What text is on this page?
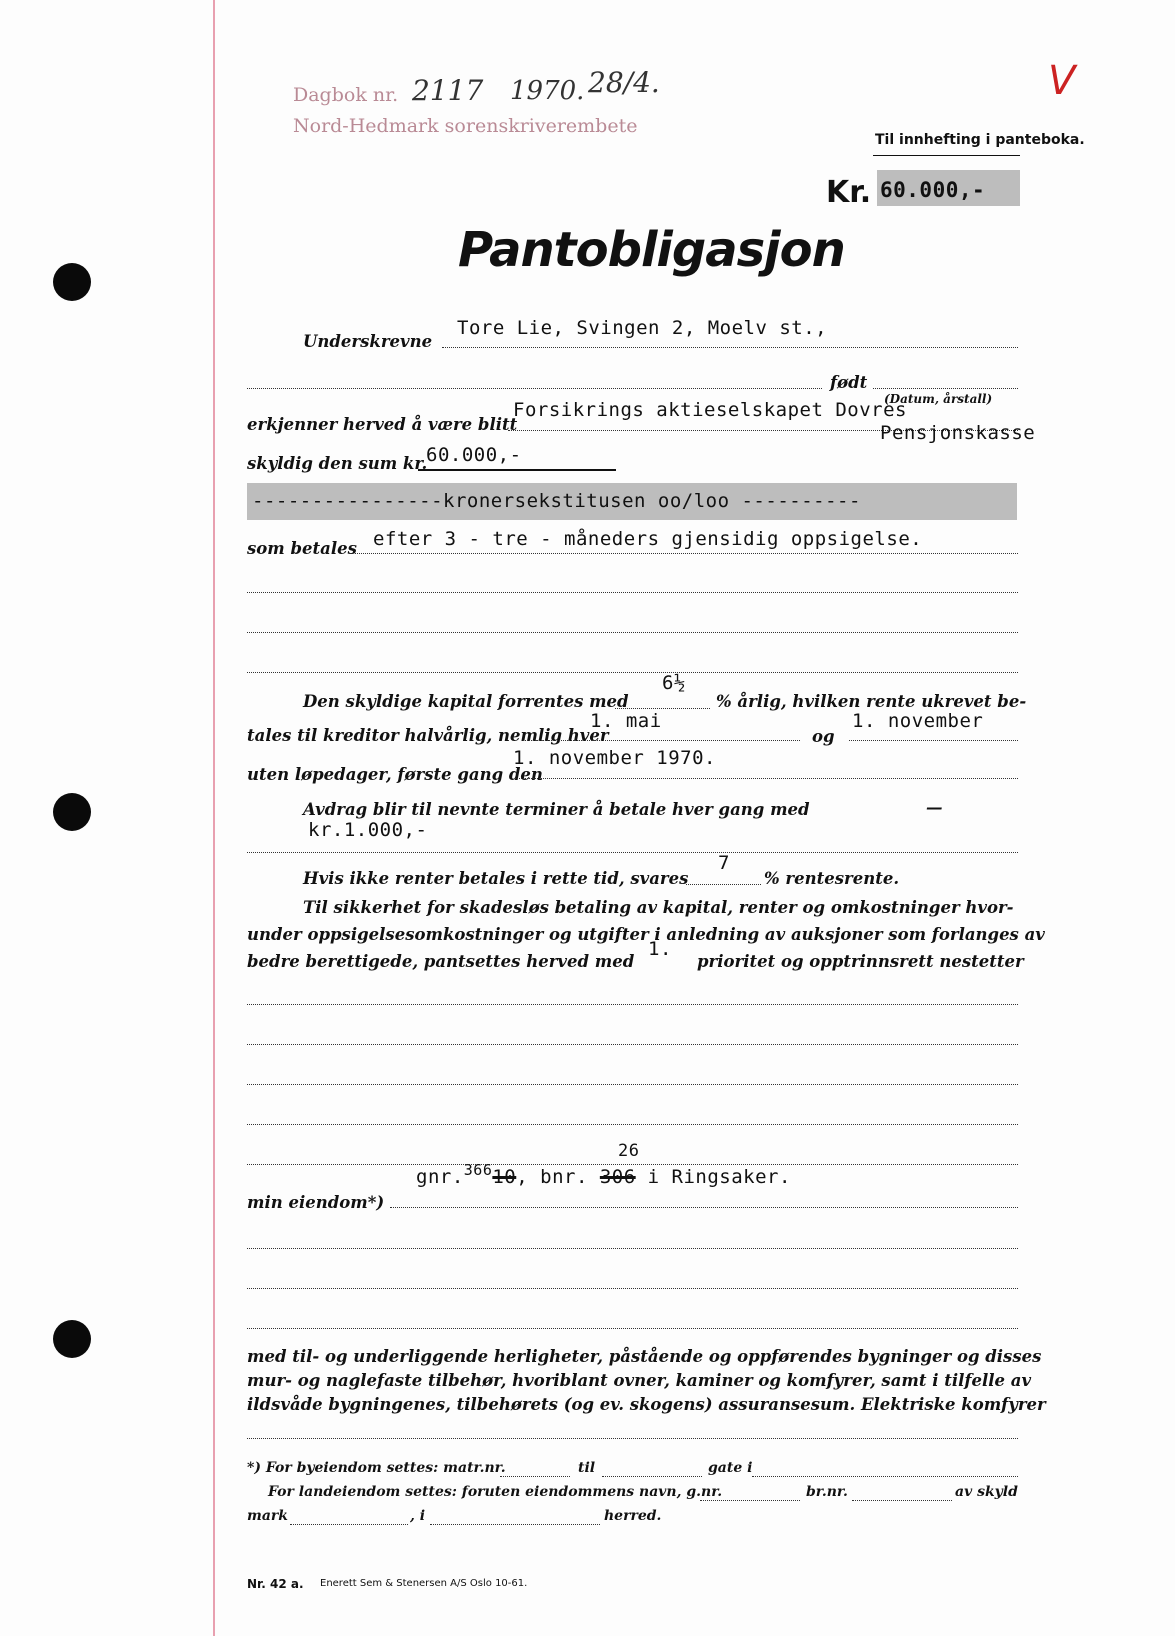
Dagbok nr. 2117 1970. 28/4.
Nord-Hedmark sorenskriverembete
V
Til innhefting i panteboka.
Kr. 60.000,-
Pantobligasjon
Underskrevne
Tore Lie, Svingen 2, Moelv st.,
født
(Datum, årstall)
erkjenner herved å være blitt
Forsikrings aktieselskapet Dovres
Pensjonskasse
skyldig den sum kr.
60.000,-
----------------kronersekstitusen oo/loo ----------
som betales efter 3 - tre - måneders gjensidig oppsigelse.
Den skyldige kapital forrentes med
6½
% årlig, hvilken rente ukrevet be-
tales til kreditor halvårlig, nemlig hver
1. mai
og
1. november
uten løpedager, første gang den
1. november 1970.
Avdrag blir til nevnte terminer å betale hver gang med	—
kr.1.000,-
Hvis ikke renter betales i rette tid, svares
7
% rentesrente.
Til sikkerhet for skadesløs betaling av kapital, renter og omkostninger hvor-
under oppsigelsesomkostninger og utgifter i anledning av auksjoner som forlanges av
bedre berettigede, pantsettes herved med
1.
prioritet og opptrinnsrett nestetter
26
min eiendom*)
gnr.$^{366}$10, bnr. 306 i Ringsaker.
med til- og underliggende herligheter, påstående og oppførendes bygninger og disses
mur- og naglefaste tilbehør, hvoriblant ovner, kaminer og komfyrer, samt i tilfelle av
ildsvåde bygningenes, tilbehørets (og ev. skogens) assuransesum. Elektriske komfyrer
*) For byeiendom settes: matr.nr.	til	gate i
For landeiendom settes: foruten eiendommens navn, g.nr.	br.nr.	av skyld
mark	, i	herred.
Nr. 42 a. Enerett Sem & Stenersen A/S Oslo 10-61.
